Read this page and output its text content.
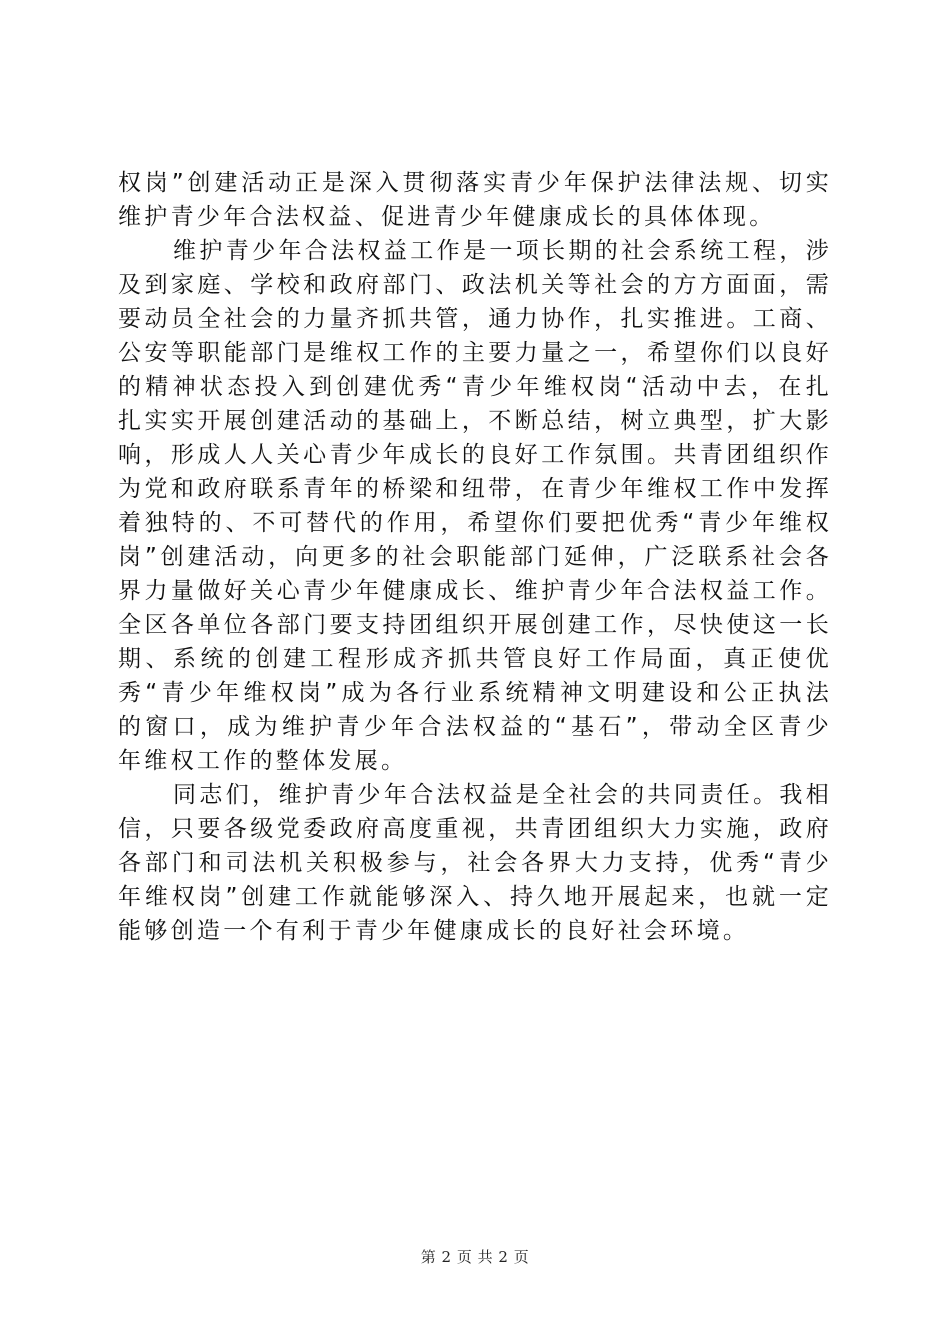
权岗”创建活动正是深入贯彻落实青少年保护法律法规、切实维护青少年合法权益、促进青少年健康成长的具体体现。

维护青少年合法权益工作是一项长期的社会系统工程，涉及到家庭、学校和政府部门、政法机关等社会的方方面面，需要动员全社会的力量齐抓共管，通力协作，扎实推进。工商、公安等职能部门是维权工作的主要力量之一，希望你们以良好的精神状态投入到创建优秀“青少年维权岗“活动中去，在扎扎实实开展创建活动的基础上，不断总结，树立典型，扩大影响，形成人人关心青少年成长的良好工作氛围。共青团组织作为党和政府联系青年的桥梁和纽带，在青少年维权工作中发挥着独特的、不可替代的作用，希望你们要把优秀“青少年维权岗”创建活动，向更多的社会职能部门延伸，广泛联系社会各界力量做好关心青少年健康成长、维护青少年合法权益工作。全区各单位各部门要支持团组织开展创建工作，尽快使这一长期、系统的创建工程形成齐抓共管良好工作局面，真正使优秀“青少年维权岗”成为各行业系统精神文明建设和公正执法的窗口，成为维护青少年合法权益的“基石”，带动全区青少年维权工作的整体发展。

同志们，维护青少年合法权益是全社会的共同责任。我相信，只要各级党委政府高度重视，共青团组织大力实施，政府各部门和司法机关积极参与，社会各界大力支持，优秀“青少年维权岗”创建工作就能够深入、持久地开展起来，也就一定能够创造一个有利于青少年健康成长的良好社会环境。

第 2 页 共 2 页
